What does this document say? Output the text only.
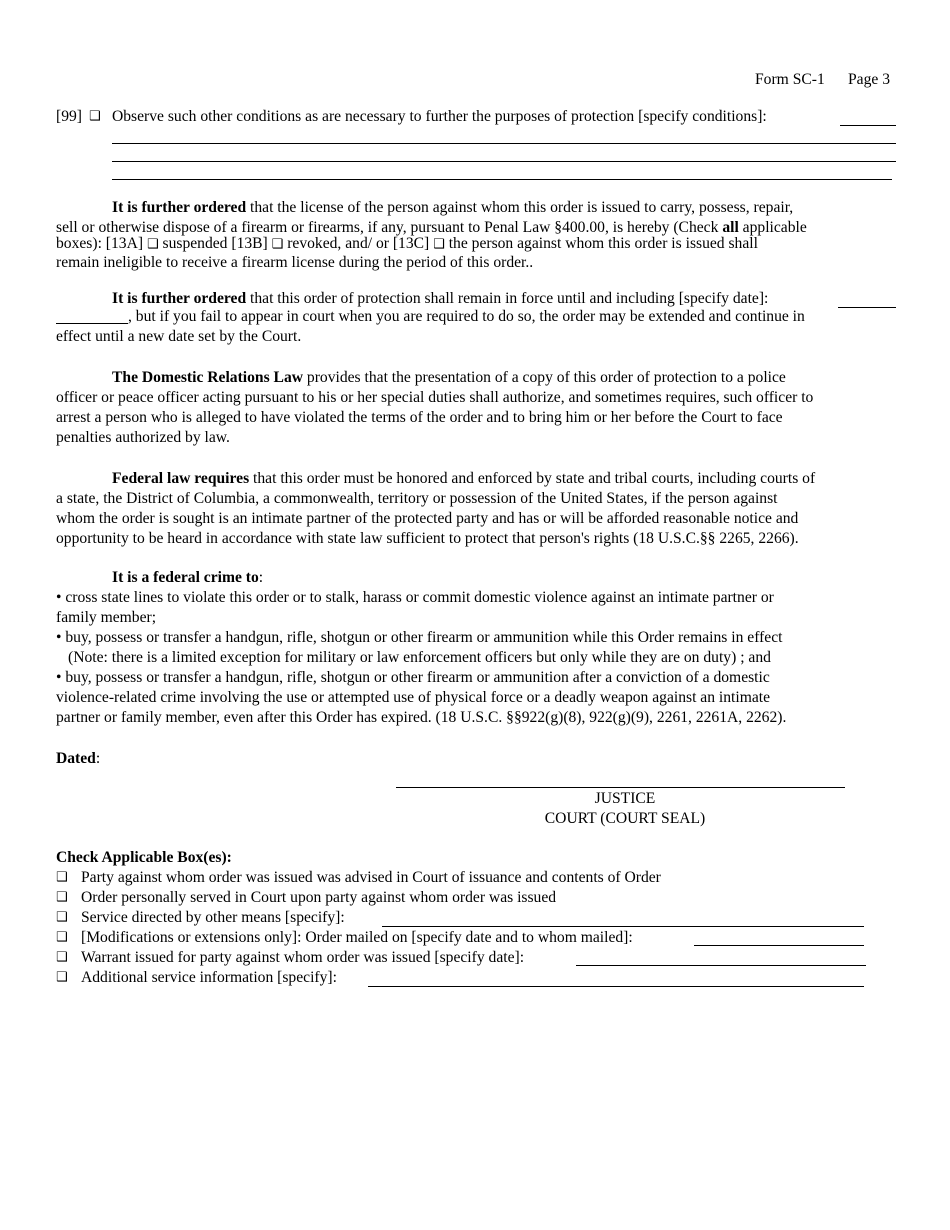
Form SC-1 Page 3
[99] ❑ Observe such other conditions as are necessary to further the purposes of protection [specify conditions]:
It is further ordered that the license of the person against whom this order is issued to carry, possess, repair,
sell or otherwise dispose of a firearm or firearms, if any, pursuant to Penal Law §400.00, is hereby (Check all applicable
boxes): [13A] ❑ suspended [13B] ❑ revoked, and/ or [13C] ❑ the person against whom this order is issued shall
remain ineligible to receive a firearm license during the period of this order..
It is further ordered that this order of protection shall remain in force until and including [specify date]:
, but if you fail to appear in court when you are required to do so, the order may be extended and continue in
effect until a new date set by the Court.
The Domestic Relations Law provides that the presentation of a copy of this order of protection to a police
officer or peace officer acting pursuant to his or her special duties shall authorize, and sometimes requires, such officer to
arrest a person who is alleged to have violated the terms of the order and to bring him or her before the Court to face
penalties authorized by law.
Federal law requires that this order must be honored and enforced by state and tribal courts, including courts of
a state, the District of Columbia, a commonwealth, territory or possession of the United States, if the person against
whom the order is sought is an intimate partner of the protected party and has or will be afforded reasonable notice and
opportunity to be heard in accordance with state law sufficient to protect that person's rights (18 U.S.C.§§ 2265, 2266).
It is a federal crime to:
• cross state lines to violate this order or to stalk, harass or commit domestic violence against an intimate partner or
family member;
• buy, possess or transfer a handgun, rifle, shotgun or other firearm or ammunition while this Order remains in effect
(Note: there is a limited exception for military or law enforcement officers but only while they are on duty) ; and
• buy, possess or transfer a handgun, rifle, shotgun or other firearm or ammunition after a conviction of a domestic
violence-related crime involving the use or attempted use of physical force or a deadly weapon against an intimate
partner or family member, even after this Order has expired. (18 U.S.C. §§922(g)(8), 922(g)(9), 2261, 2261A, 2262).
Dated:
JUSTICE
COURT (COURT SEAL)
Check Applicable Box(es):
❑ Party against whom order was issued was advised in Court of issuance and contents of Order
❑ Order personally served in Court upon party against whom order was issued
❑ Service directed by other means [specify]:
❑ [Modifications or extensions only]: Order mailed on [specify date and to whom mailed]:
❑ Warrant issued for party against whom order was issued [specify date]:
❑ Additional service information [specify]:
